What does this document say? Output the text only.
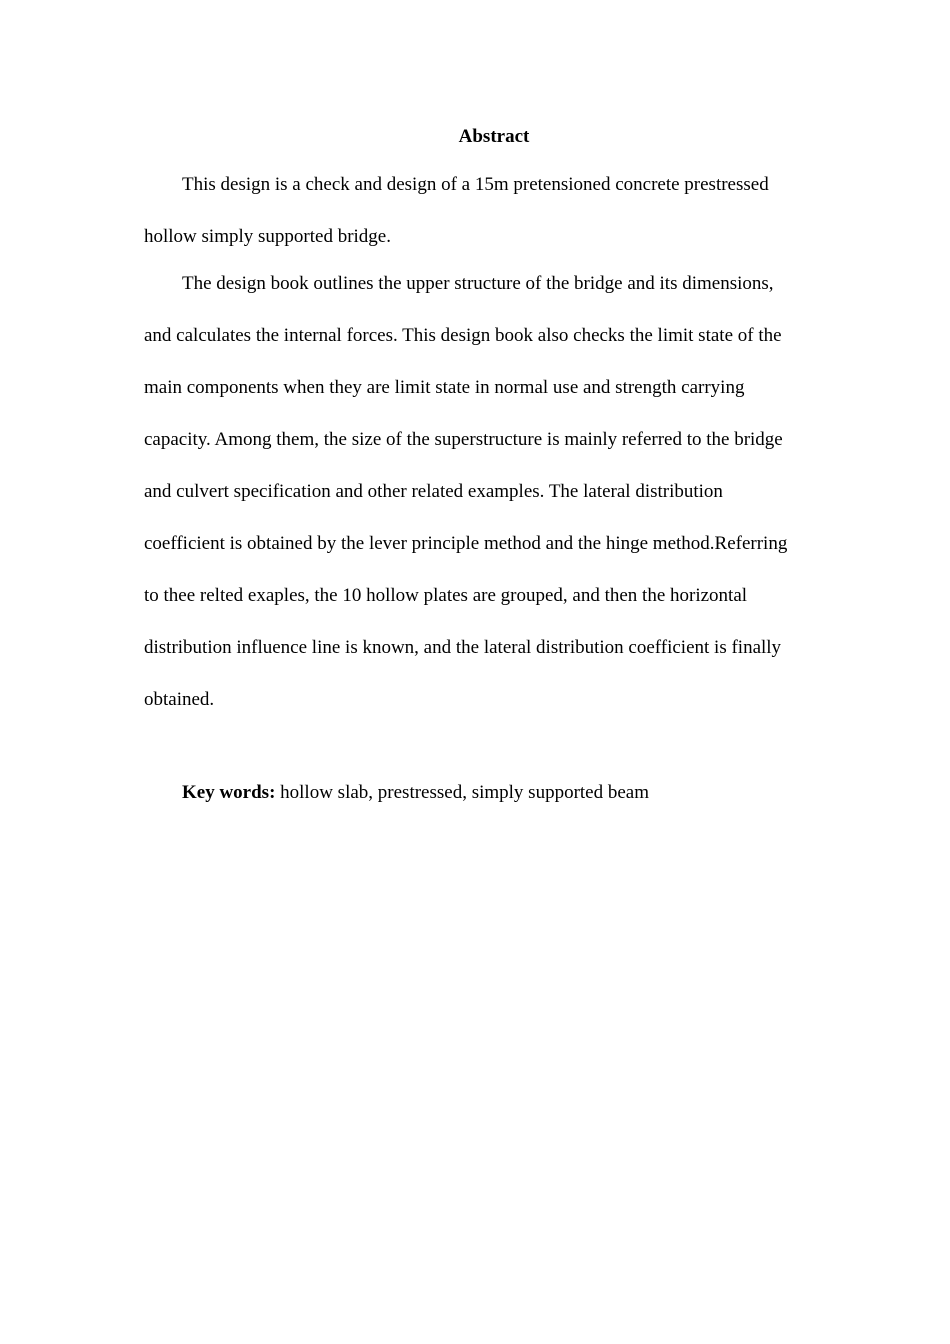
Abstract
This design is a check and design of a 15m pretensioned concrete prestressed
hollow simply supported bridge.
The design book outlines the upper structure of the bridge and its dimensions,
and calculates the internal forces. This design book also checks the limit state of the
main components when they are limit state in normal use and strength carrying
capacity. Among them, the size of the superstructure is mainly referred to the bridge
and culvert specification and other related examples. The lateral distribution
coefficient is obtained by the lever principle method and the hinge method.Referring
to thee relted exaples, the 10 hollow plates are grouped, and then the horizontal
distribution influence line is known, and the lateral distribution coefficient is finally
obtained.

Key words: hollow slab, prestressed, simply supported beam
